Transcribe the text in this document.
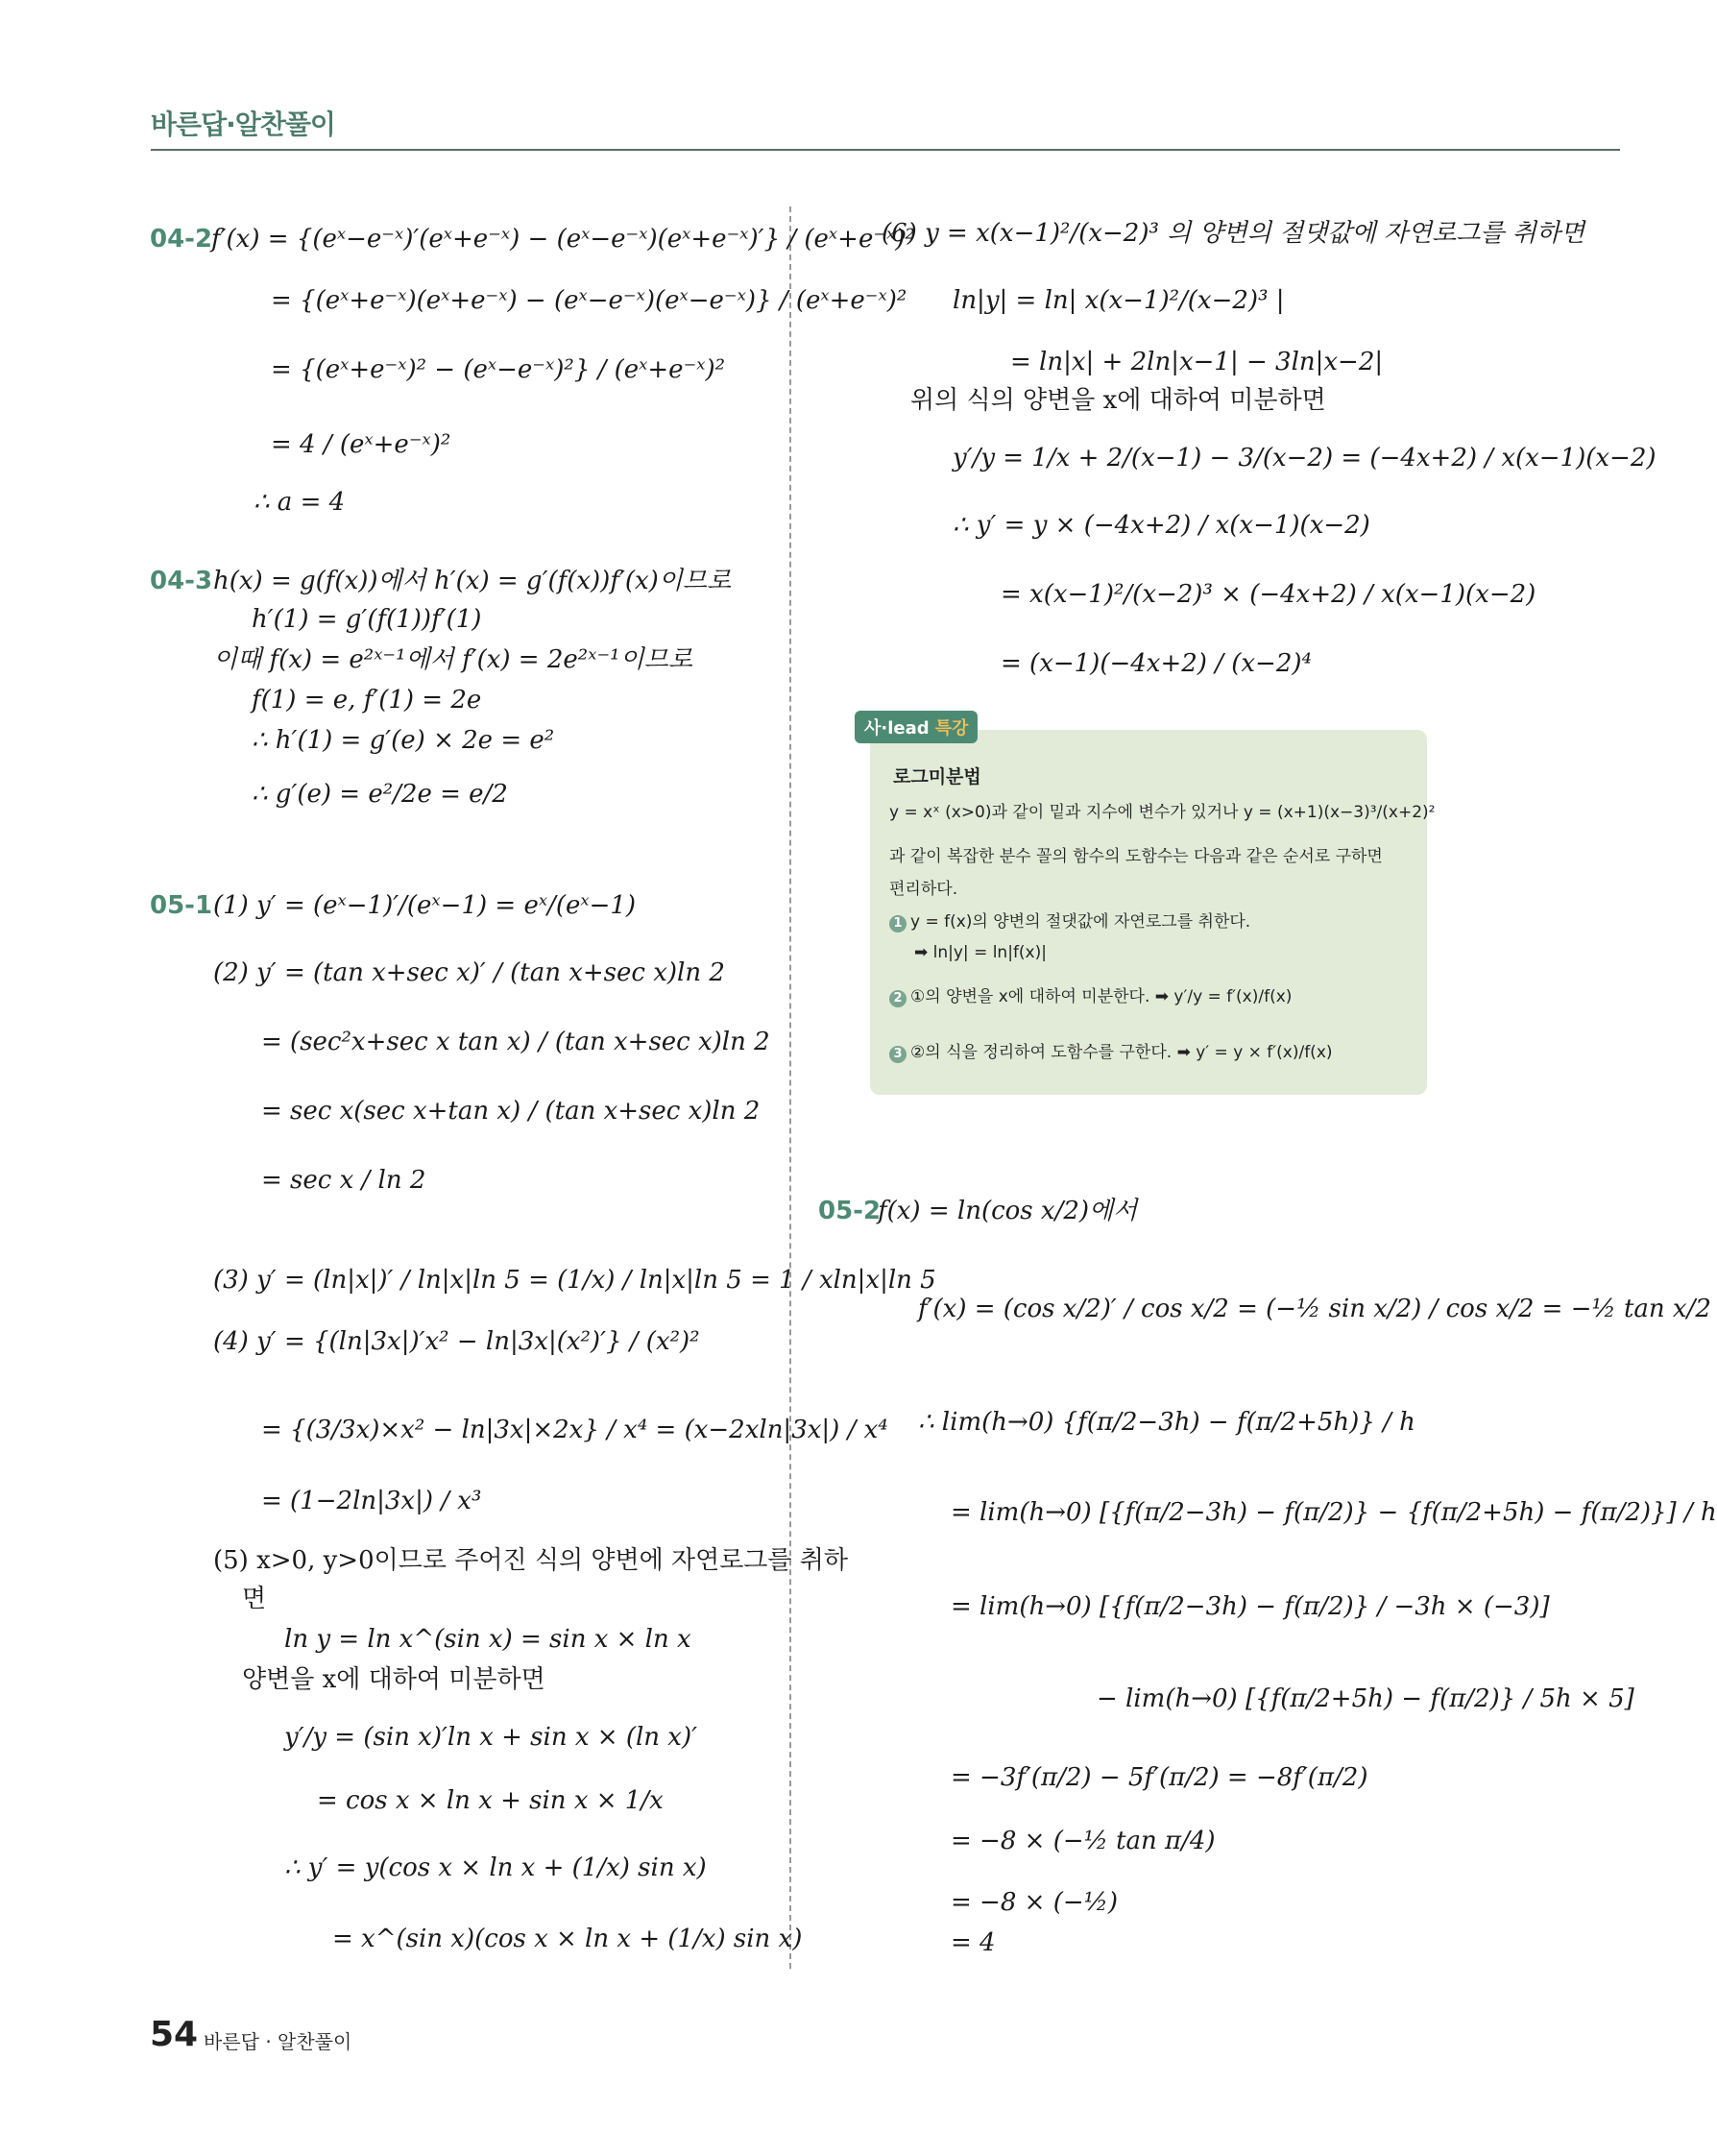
바른답·알찬풀이
04-2
f′(x) = {(eˣ−e⁻ˣ)′(eˣ+e⁻ˣ) − (eˣ−e⁻ˣ)(eˣ+e⁻ˣ)′} / (eˣ+e⁻ˣ)²
= {(eˣ+e⁻ˣ)(eˣ+e⁻ˣ) − (eˣ−e⁻ˣ)(eˣ−e⁻ˣ)} / (eˣ+e⁻ˣ)²
= {(eˣ+e⁻ˣ)² − (eˣ−e⁻ˣ)²} / (eˣ+e⁻ˣ)²
= 4 / (eˣ+e⁻ˣ)²
∴ a = 4
04-3 h(x) = g(f(x))에서 h′(x) = g′(f(x))f′(x)이므로
h′(1) = g′(f(1))f′(1)
이때 f(x) = e²ˣ⁻¹에서 f′(x) = 2e²ˣ⁻¹이므로
f(1) = e, f′(1) = 2e
∴ h′(1) = g′(e) × 2e = e²
∴ g′(e) = e²/2e = e/2
05-1 (1) y′ = (eˣ−1)′/(eˣ−1) = eˣ/(eˣ−1)
(2) y′ = (tan x+sec x)′ / (tan x+sec x)ln 2
= (sec²x+sec x tan x) / (tan x+sec x)ln 2
= sec x(sec x+tan x) / (tan x+sec x)ln 2
= sec x / ln 2
(3) y′ = (ln|x|)′ / ln|x|ln 5 = (1/x) / ln|x|ln 5 = 1 / xln|x|ln 5
(4) y′ = {(ln|3x|)′x² − ln|3x|(x²)′} / (x²)²
= {(3/3x)×x² − ln|3x|×2x} / x⁴ = (x−2xln|3x|) / x⁴
= (1−2ln|3x|) / x³
(5) x>0, y>0이므로 주어진 식의 양변에 자연로그를 취하
면
ln y = ln x^(sin x) = sin x × ln x
양변을 x에 대하여 미분하면
y′/y = (sin x)′ln x + sin x × (ln x)′
= cos x × ln x + sin x × 1/x
∴ y′ = y(cos x × ln x + (1/x) sin x)
= x^(sin x)(cos x × ln x + (1/x) sin x)
(6) y = x(x−1)²/(x−2)³ 의 양변의 절댓값에 자연로그를 취하면
ln|y| = ln| x(x−1)²/(x−2)³ |
= ln|x| + 2ln|x−1| − 3ln|x−2|
위의 식의 양변을 x에 대하여 미분하면
y′/y = 1/x + 2/(x−1) − 3/(x−2) = (−4x+2) / x(x−1)(x−2)
∴ y′ = y × (−4x+2) / x(x−1)(x−2)
= x(x−1)²/(x−2)³ × (−4x+2) / x(x−1)(x−2)
= (x−1)(−4x+2) / (x−2)⁴
사·lead 특강
로그미분법
y = xˣ (x>0)과 같이 밑과 지수에 변수가 있거나 y = (x+1)(x−3)³/(x+2)²
과 같이 복잡한 분수 꼴의 함수의 도함수는 다음과 같은 순서로 구하면
편리하다.
1 y = f(x)의 양변의 절댓값에 자연로그를 취한다.
➡ ln|y| = ln|f(x)|
2 ①의 양변을 x에 대하여 미분한다. ➡ y′/y = f′(x)/f(x)
3 ②의 식을 정리하여 도함수를 구한다. ➡ y′ = y × f′(x)/f(x)
05-2
f(x) = ln(cos x/2)에서
f′(x) = (cos x/2)′ / cos x/2 = (−½ sin x/2) / cos x/2 = −½ tan x/2
∴ lim(h→0) {f(π/2−3h) − f(π/2+5h)} / h
= lim(h→0) [{f(π/2−3h) − f(π/2)} − {f(π/2+5h) − f(π/2)}] / h
= lim(h→0) [{f(π/2−3h) − f(π/2)} / −3h × (−3)]
− lim(h→0) [{f(π/2+5h) − f(π/2)} / 5h × 5]
= −3f′(π/2) − 5f′(π/2) = −8f′(π/2)
= −8 × (−½ tan π/4)
= −8 × (−½)
= 4
54 바른답 · 알찬풀이
